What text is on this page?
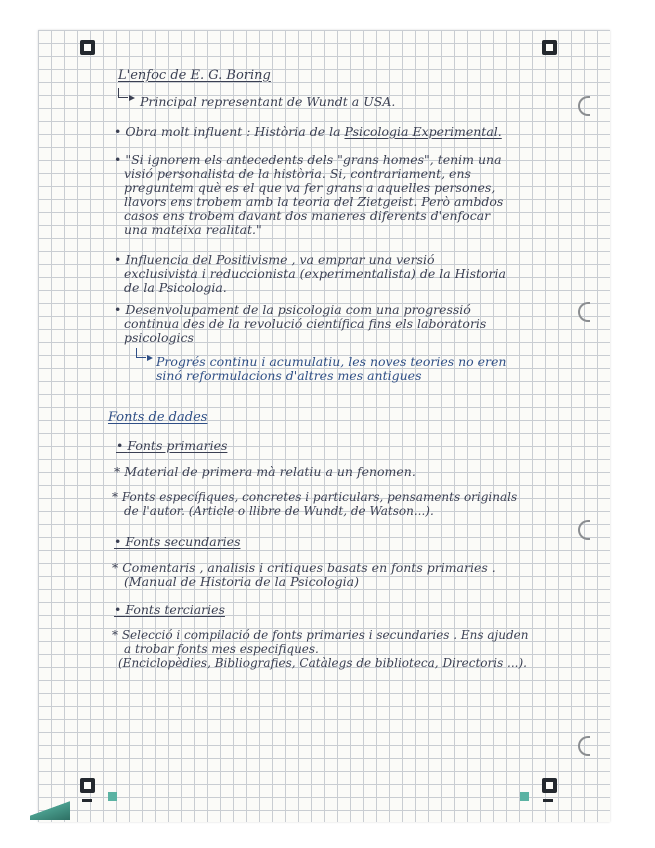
L'enfoc de E. G. Boring

Principal representant de Wundt a USA.

• Obra molt influent : Història de la Psicologia Experimental.

• "Si ignorem els antecedents dels "grans homes", tenim una

visió personalista de la història. Si, contrariament, ens

preguntem què es el que va fer grans a aquelles persones,

llavors ens trobem amb la teoria del Zietgeist. Però ambdos

casos ens trobem davant dos maneres diferents d'enfocar

una mateixa realitat."

• Influencia del Positivisme , va emprar una versió

exclusivista i reduccionista (experimentalista) de la Historia

de la Psicologia.

• Desenvolupament de la psicologia com una progressió

continua des de la revolució científica fins els laboratoris

psicologics

Progrés continu i acumulatiu, les noves teories no eren

sinó reformulacions d'altres mes antigues

Fonts de dades

• Fonts primaries

* Material de primera mà relatiu a un fenomen.

* Fonts específiques, concretes i particulars, pensaments originals

de l'autor. (Article o llibre de Wundt, de Watson...).

• Fonts secundaries

* Comentaris , analisis i critiques basats en fonts primaries .

(Manual de Historia de la Psicologia)

• Fonts terciaries

* Selecció i compilació de fonts primaries i secundaries . Ens ajuden

a trobar fonts mes especifiques.

(Enciclopèdies, Bibliografies, Catàlegs de biblioteca, Directoris ...).
